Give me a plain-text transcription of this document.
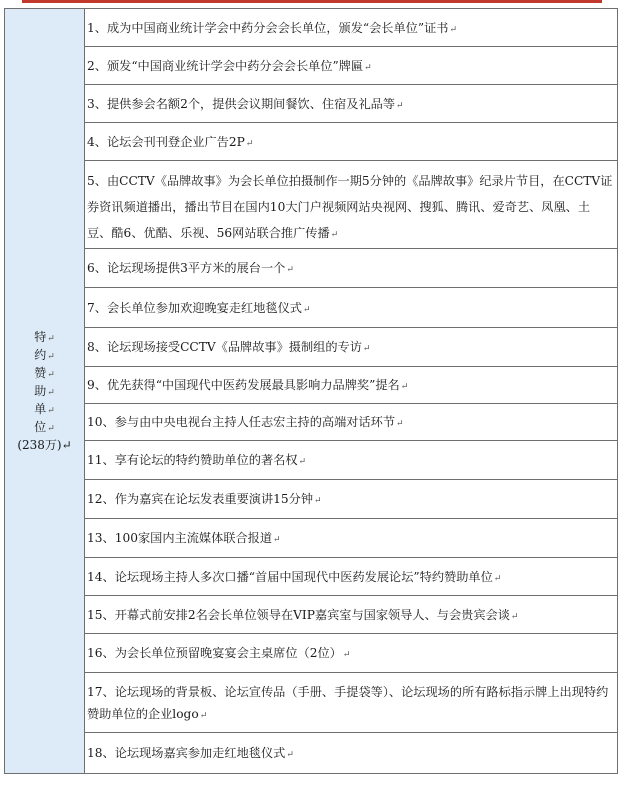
特↵
约↵
赞↵
助↵
单↵
位↵
(238万)↵
1、成为中国商业统计学会中药分会会长单位，颁发“会长单位”证书↵
2、颁发“中国商业统计学会中药分会会长单位”牌匾↵
3、提供参会名额2个，提供会议期间餐饮、住宿及礼品等↵
4、论坛会刊刊登企业广告2P↵
5、由CCTV《品牌故事》为会长单位拍摄制作一期5分钟的《品牌故事》纪录片节目，在CCTV证券资讯频道播出，播出节目在国内10大门户视频网站央视网、搜狐、腾讯、爱奇艺、凤凰、土豆、酷6、优酷、乐视、56网站联合推广传播↵
6、论坛现场提供3平方米的展台一个↵
7、会长单位参加欢迎晚宴走红地毯仪式↵
8、论坛现场接受CCTV《品牌故事》摄制组的专访↵
9、优先获得“中国现代中医药发展最具影响力品牌奖”提名↵
10、参与由中央电视台主持人任志宏主持的高端对话环节↵
11、享有论坛的特约赞助单位的著名权↵
12、作为嘉宾在论坛发表重要演讲15分钟↵
13、100家国内主流媒体联合报道↵
14、论坛现场主持人多次口播“首届中国现代中医药发展论坛”特约赞助单位↵
15、开幕式前安排2名会长单位领导在VIP嘉宾室与国家领导人、与会贵宾会谈↵
16、为会长单位预留晚宴宴会主桌席位（2位）↵
17、论坛现场的背景板、论坛宣传品（手册、手提袋等）、论坛现场的所有路标指示牌上出现特约赞助单位的企业logo↵
18、论坛现场嘉宾参加走红地毯仪式↵
